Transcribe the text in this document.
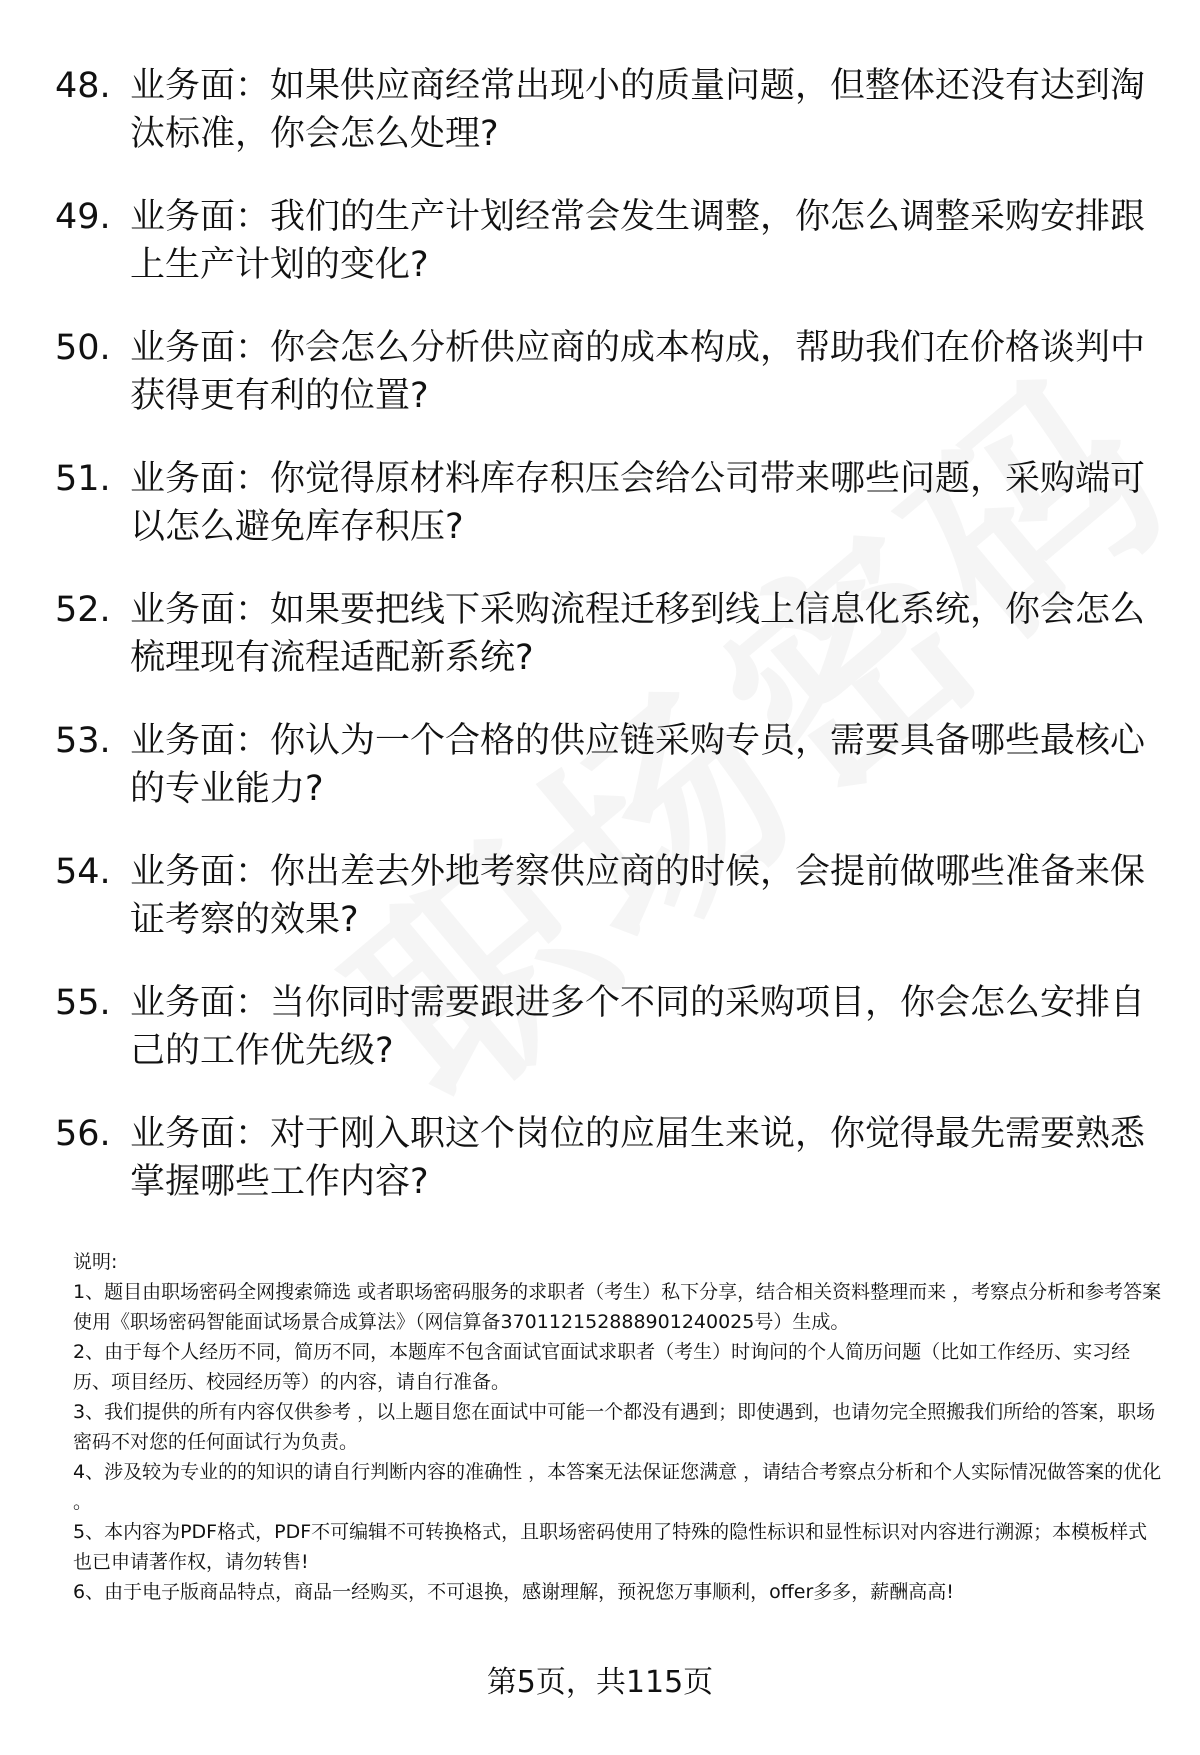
48. 业务面：如果供应商经常出现小的质量问题，但整体还没有达到淘汰标准，你会怎么处理?
49. 业务面：我们的生产计划经常会发生调整，你怎么调整采购安排跟上生产计划的变化?
50. 业务面：你会怎么分析供应商的成本构成，帮助我们在价格谈判中获得更有利的位置?
51. 业务面：你觉得原材料库存积压会给公司带来哪些问题，采购端可以怎么避免库存积压?
52. 业务面：如果要把线下采购流程迁移到线上信息化系统，你会怎么梳理现有流程适配新系统?
53. 业务面：你认为一个合格的供应链采购专员，需要具备哪些最核心的专业能力?
54. 业务面：你出差去外地考察供应商的时候，会提前做哪些准备来保证考察的效果?
55. 业务面：当你同时需要跟进多个不同的采购项目，你会怎么安排自己的工作优先级?
56. 业务面：对于刚入职这个岗位的应届生来说，你觉得最先需要熟悉掌握哪些工作内容?
说明:
1、题目由职场密码全网搜索筛选 或者职场密码服务的求职者（考生）私下分享，结合相关资料整理而来 ，考察点分析和参考答案使用《职场密码智能面试场景合成算法》（网信算备37011215288890124002​5号）生成。
2、由于每个人经历不同，简历不同，本题库不包含面试官面试求职者（考生）时询问的个人简历问题（比如工作经历、实习经历、项目经历、校园经历等）的内容，请自行准备。
3、我们提供的所有内容仅供参考 ，以上题目您在面试中可能一个都没有遇到；即使遇到，也请勿完全照搬我们所给的答案，职场密码不对您的任何面试行为负责。
4、涉及较为专业的的知识的请自行判断内容的准确性 ，本答案无法保证您满意 ，请结合考察点分析和个人实际情况做答案的优化 。
5、本内容为PDF格式，PDF不可编辑不可转换格式，且职场密码使用了特殊的隐性标识和显性标识对内容进行溯源；本模板样式也已申请著作权，请勿转售!
6、由于电子版商品特点，商品一经购买，不可退换，感谢理解，预祝您万事顺利，offer多多，薪酬高高!
第5页，共115页
